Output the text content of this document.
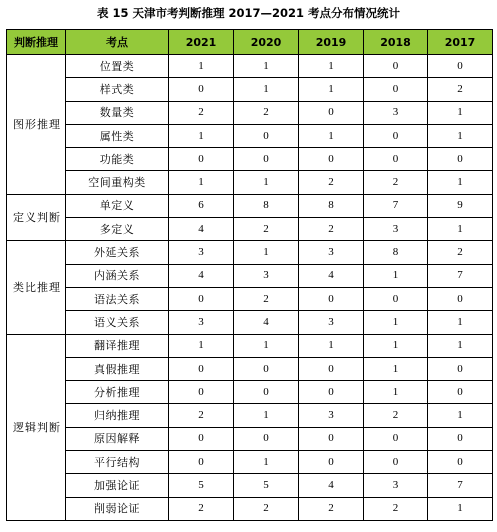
表 15 天津市考判断推理 2017—2021 考点分布情况统计
判断推理	考点	2021	2020	2019	2018	2017
图形推理	位置类	1	1	1	0	0
	样式类	0	1	1	0	2
	数量类	2	2	0	3	1
	属性类	1	0	1	0	1
	功能类	0	0	0	0	0
	空间重构类	1	1	2	2	1
定义判断	单定义	6	8	8	7	9
	多定义	4	2	2	3	1
类比推理	外延关系	3	1	3	8	2
	内涵关系	4	3	4	1	7
	语法关系	0	2	0	0	0
	语义关系	3	4	3	1	1
逻辑判断	翻译推理	1	1	1	1	1
	真假推理	0	0	0	1	0
	分析推理	0	0	0	1	0
	归纳推理	2	1	3	2	1
	原因解释	0	0	0	0	0
	平行结构	0	1	0	0	0
	加强论证	5	5	4	3	7
	削弱论证	2	2	2	2	1
